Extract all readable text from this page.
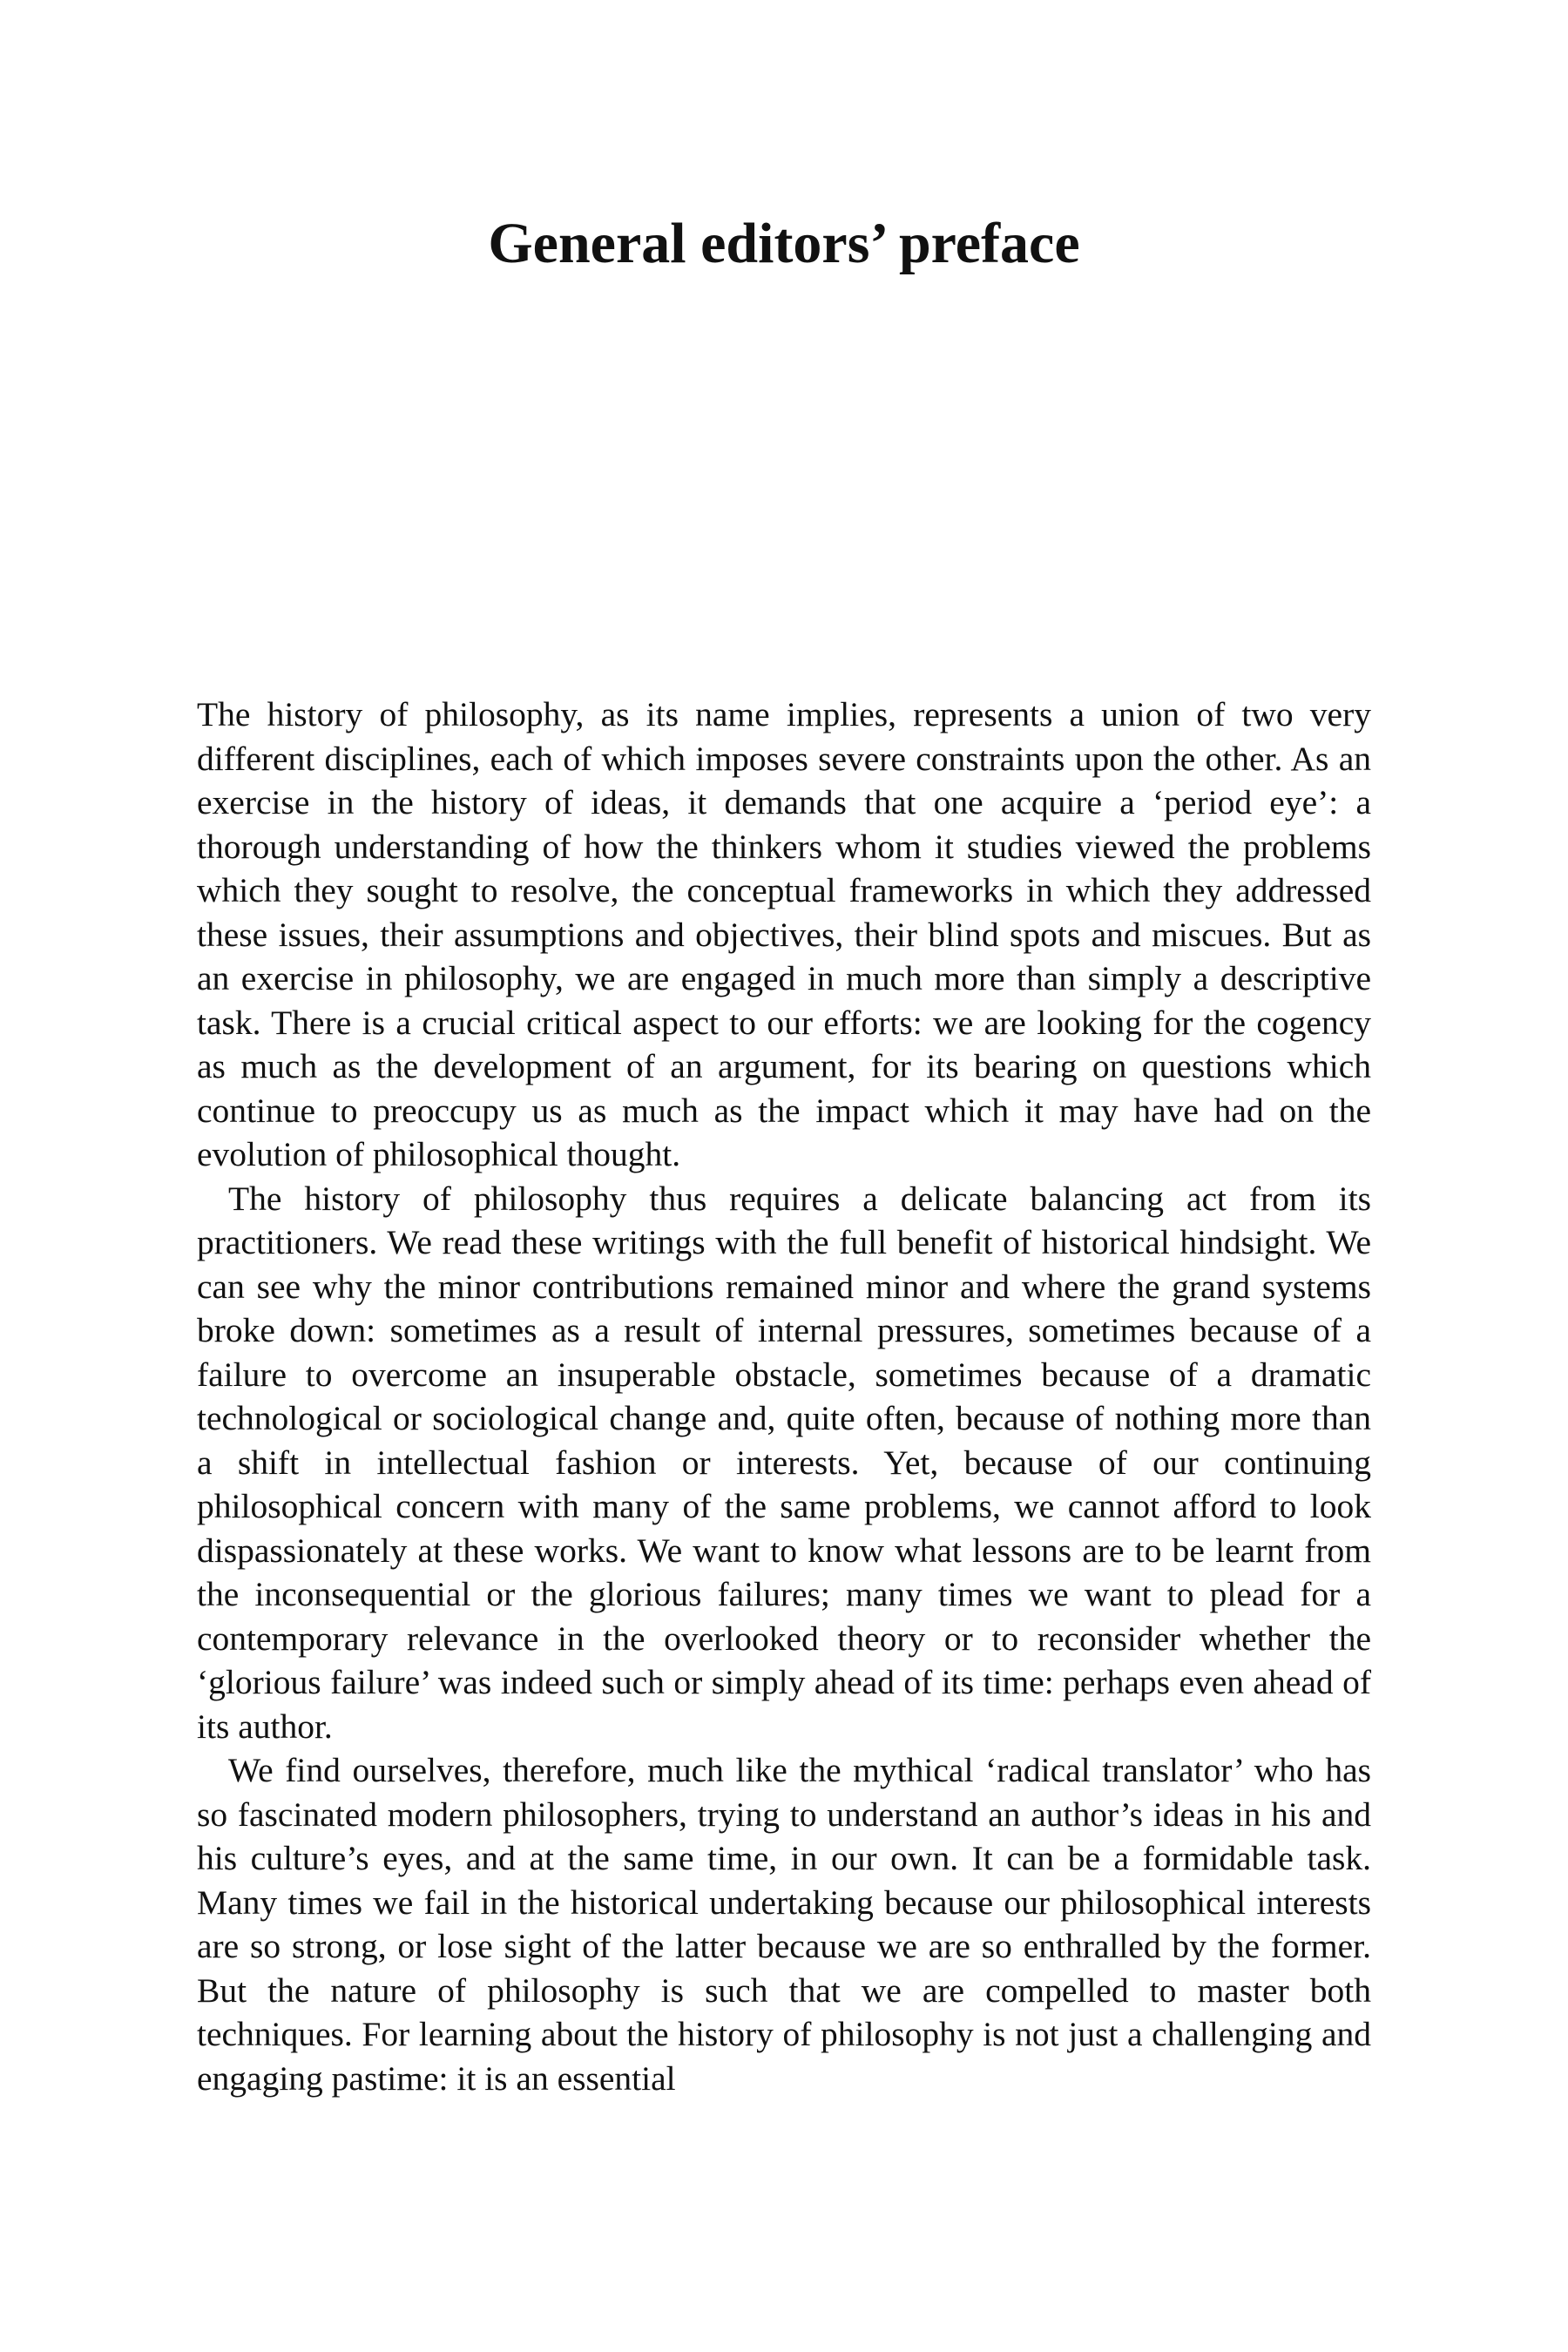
General editors’ preface

The history of philosophy, as its name implies, represents a union of two very different disciplines, each of which imposes severe constraints upon the other. As an exercise in the history of ideas, it demands that one acquire a ‘period eye’: a thorough understanding of how the thinkers whom it studies viewed the problems which they sought to resolve, the conceptual frameworks in which they addressed these issues, their assumptions and objectives, their blind spots and miscues. But as an exercise in philosophy, we are engaged in much more than simply a descriptive task. There is a crucial critical aspect to our efforts: we are looking for the cogency as much as the development of an argument, for its bearing on questions which continue to preoccupy us as much as the impact which it may have had on the evolution of philosophical thought.

The history of philosophy thus requires a delicate balancing act from its practitioners. We read these writings with the full benefit of historical hindsight. We can see why the minor contributions remained minor and where the grand systems broke down: sometimes as a result of internal pressures, sometimes because of a failure to overcome an insuperable obstacle, sometimes because of a dramatic technological or sociological change and, quite often, because of nothing more than a shift in intellectual fashion or interests. Yet, because of our continuing philosophical concern with many of the same problems, we cannot afford to look dispassionately at these works. We want to know what lessons are to be learnt from the inconsequential or the glorious failures; many times we want to plead for a contemporary relevance in the overlooked theory or to reconsider whether the ‘glorious failure’ was indeed such or simply ahead of its time: perhaps even ahead of its author.

We find ourselves, therefore, much like the mythical ‘radical translator’ who has so fascinated modern philosophers, trying to understand an author’s ideas in his and his culture’s eyes, and at the same time, in our own. It can be a formidable task. Many times we fail in the historical undertaking because our philosophical interests are so strong, or lose sight of the latter because we are so enthralled by the former. But the nature of philosophy is such that we are compelled to master both techniques. For learning about the history of philosophy is not just a challenging and engaging pastime: it is an essential
